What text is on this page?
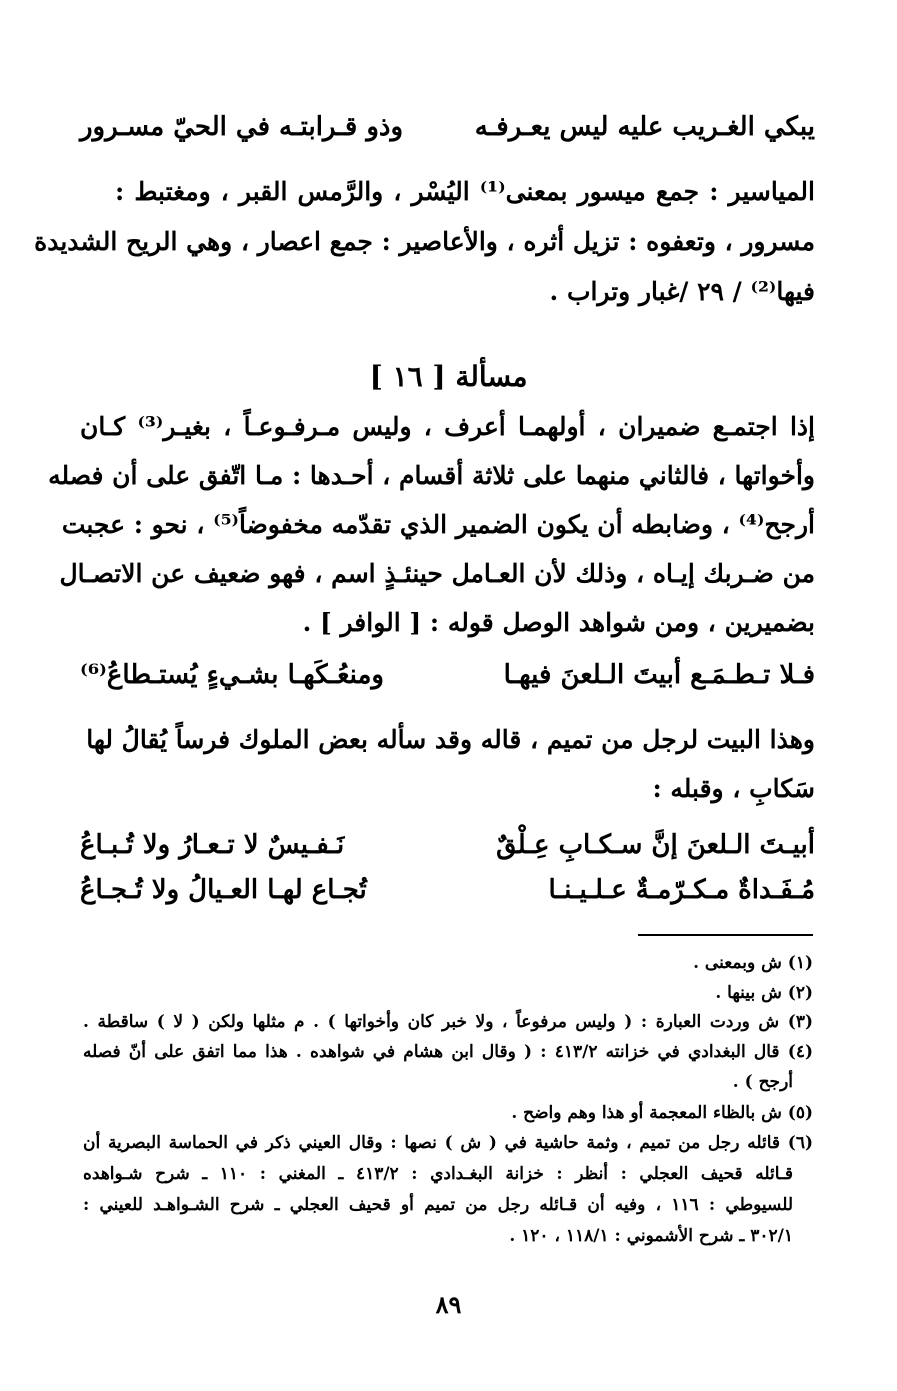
يبكي الغـريب عليه ليس يعـرفـه
وذو قـرابتـه في الحيّ مسـرور
المياسير : جمع ميسور بمعنى⁽¹⁾ اليُسْر ، والرَّمس القبر ، ومغتبط :
مسرور ، وتعفوه : تزيل أثره ، والأعاصير : جمع اعصار ، وهي الريح الشديدة
فيها⁽²⁾ / ٢٩ /غبار وتراب .
مسألة [ ١٦ ]
إذا اجتمـع ضميران ، أولهمـا أعرف ، وليس مـرفـوعـاً ، بغيـر⁽³⁾ كـان
وأخواتها ، فالثاني منهما على ثلاثة أقسام ، أحـدها : مـا اتّفق على أن فصله
أرجح⁽⁴⁾ ، وضابطه أن يكون الضمير الذي تقدّمه مخفوضاً⁽⁵⁾ ، نحو : عجبت
من ضـربك إيـاه ، وذلك لأن العـامل حينئـذٍ اسم ، فهو ضعيف عن الاتصـال
بضميرين ، ومن شواهد الوصل قوله : [ الوافر ] .
فـلا تـطـمَـع أبيتَ الـلعنَ فيهـا
ومنعُـكَهـا بشـيءٍ يُستـطاعُ⁽⁶⁾
وهذا البيت لرجل من تميم ، قاله وقد سأله بعض الملوك فرساً يُقالُ لها
سَكابِ ، وقبله :
أبيـتَ الـلعنَ إنَّ سـكـابِ عِـلْقٌ
نَـفـيسٌ لا تـعـارُ ولا تُـبـاعُ
مُـفَـداةٌ مـكـرّمـةٌ عـلـيـنـا
تُجـاع لهـا العـيالُ ولا تُـجـاعُ
(١) ش وبمعنى .
(٢) ش بينها .
(٣) ش وردت العبارة : ( وليس مرفوعاً ، ولا خبر كان وأخواتها ) . م مثلها ولكن ( لا ) ساقطة .
(٤) قال البغدادي في خزانته ٤١٣/٢ : ( وقال ابن هشام في شواهده . هذا مما اتفق على أنّ فصله
أرجح ) .
(٥) ش بالظاء المعجمة أو هذا وهم واضح .
(٦) قائله رجل من تميم ، وثمة حاشية في ( ش ) نصها : وقال العيني ذكر في الحماسة البصرية أن
قـائله قحيف العجلي : أنظر : خزانة البغـدادي : ٤١٣/٢ ـ المغني : ١١٠ ـ شرح شـواهده
للسيوطي : ١١٦ ، وفيه أن قـائله رجل من تميم أو قحيف العجلي ـ شرح الشـواهـد للعيني :
٣٠٢/١ ـ شرح الأشموني : ١١٨/١ ، ١٢٠ .
٨٩
